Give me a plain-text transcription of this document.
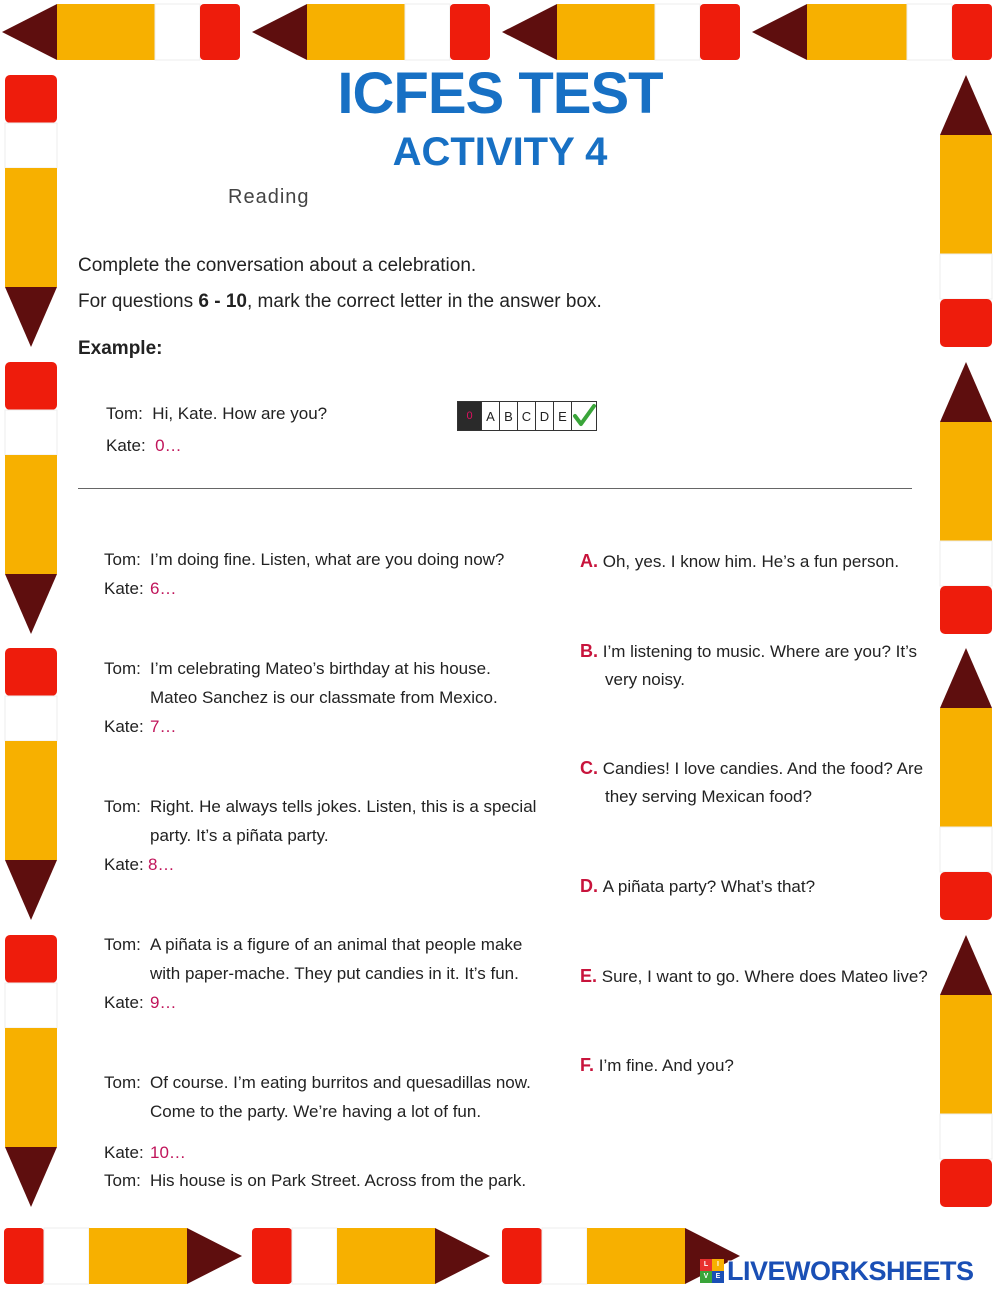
ICFES TEST
ACTIVITY 4
Reading
Complete the conversation about a celebration.
For questions 6 - 10, mark the correct letter in the answer box.
Example:
Tom: Hi, Kate. How are you?
Kate: 0…
0	A B C D E
Tom: I’m doing fine. Listen, what are you doing now?
Kate: 6…
Tom: I’m celebrating Mateo’s birthday at his house.
Mateo Sanchez is our classmate from Mexico.
Kate: 7…
Tom: Right. He always tells jokes. Listen, this is a special
party. It’s a piñata party.
Kate: 8…
Tom: A piñata is a figure of an animal that people make
with paper-mache. They put candies in it. It’s fun.
Kate: 9…
Tom: Of course. I’m eating burritos and quesadillas now.
Come to the party. We’re having a lot of fun.
Kate: 10…
Tom: His house is on Park Street. Across from the park.
A. Oh, yes. I know him. He’s a fun person.
B. I’m listening to music. Where are you? It’s
very noisy.
C. Candies! I love candies. And the food? Are
they serving Mexican food?
D. A piñata party? What’s that?
E. Sure, I want to go. Where does Mateo live?
F. I’m fine. And you?
L	I
V	E LIVEWORKSHEETS
